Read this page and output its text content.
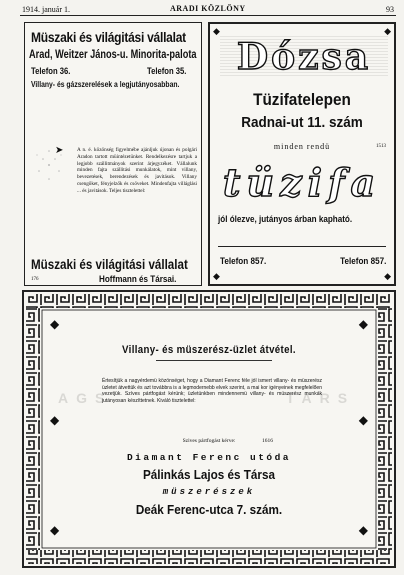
1914. január 1.	ARADI KÖZLÖNY	93
Müszaki és világitási vállalat
Arad, Weitzer János-u. Minorita-palota
Telefon 36.	Telefon 35.
Villany- és gázszerelések a legjutányosabban.
➤	A n. é. közönség figyelmébe ajánljuk újonan és polgári Aradon tartott müintézetünket. Rendelkezésre tartjuk a legjobb szállitmányok szerint árjegyzéket. Vállalunk minden fajta szállitási munkálatok, mint villany, bevezetések, berendezések és javitások. Villany csengőket, fényjelzők és csöveket. Mindenfajta villáglási ... és javitások. Teljes tisztelettel:
Müszaki és világitási vállalat
176	Hoffmann és Társai.
◆	◆
◆	◆
Dózsa
Tüzifatelepen
Radnai-ut 11. szám
minden rendü	1513
tüzifa
jól ólezve, jutányos árban kapható.
Telefon 857.	Telefon 857.
◆	◆
◆	◆
◆	◆
Villany- és müszerész-üzlet átvétel.
AGS	TARS
Értesítjük a nagyérdemü közönséget, hogy a Diamant Ferenc féle jól ismert villany- és müszerész üzletet átvettük és azt továbbra is a legmodernebb elvek szerint, a mai kor igényeinek megfelelően vezetjük. Szíves pártfogást kérünk; üzletünkben mindennemü villany- és müszerész munkák jutányosan készíttetnek. Kiváló tisztelettel:
Szives pártfogást kérve:	1616
Diamant Ferenc utóda
Pálinkás Lajos és Társa
müszerészek
Deák Ferenc-utca 7. szám.
